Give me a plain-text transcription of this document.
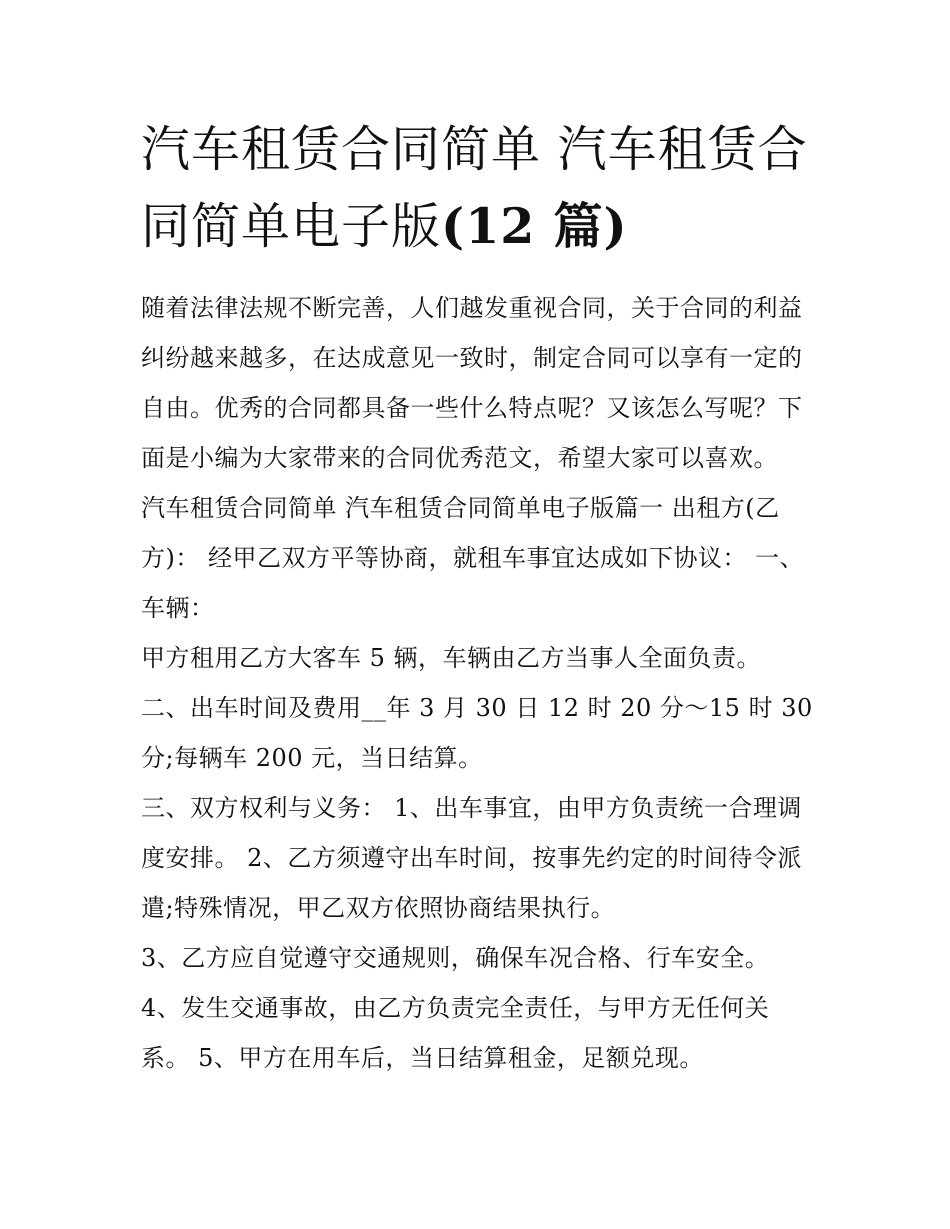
汽车租赁合同简单 汽车租赁合同简单电子版(12 篇)

随着法律法规不断完善，人们越发重视合同，关于合同的利益纠纷越来越多，在达成意见一致时，制定合同可以享有一定的自由。优秀的合同都具备一些什么特点呢？又该怎么写呢？下面是小编为大家带来的合同优秀范文，希望大家可以喜欢。

汽车租赁合同简单 汽车租赁合同简单电子版篇一 出租方(乙方)： 经甲乙双方平等协商，就租车事宜达成如下协议： 一、车辆：

甲方租用乙方大客车 5 辆，车辆由乙方当事人全面负责。

二、出车时间及费用__年 3 月 30 日 12 时 20 分～15 时 30 分;每辆车 200 元，当日结算。

三、双方权利与义务： 1、出车事宜，由甲方负责统一合理调度安排。 2、乙方须遵守出车时间，按事先约定的时间待令派遣;特殊情况，甲乙双方依照协商结果执行。

3、乙方应自觉遵守交通规则，确保车况合格、行车安全。

4、发生交通事故，由乙方负责完全责任，与甲方无任何关系。 5、甲方在用车后，当日结算租金，足额兑现。
